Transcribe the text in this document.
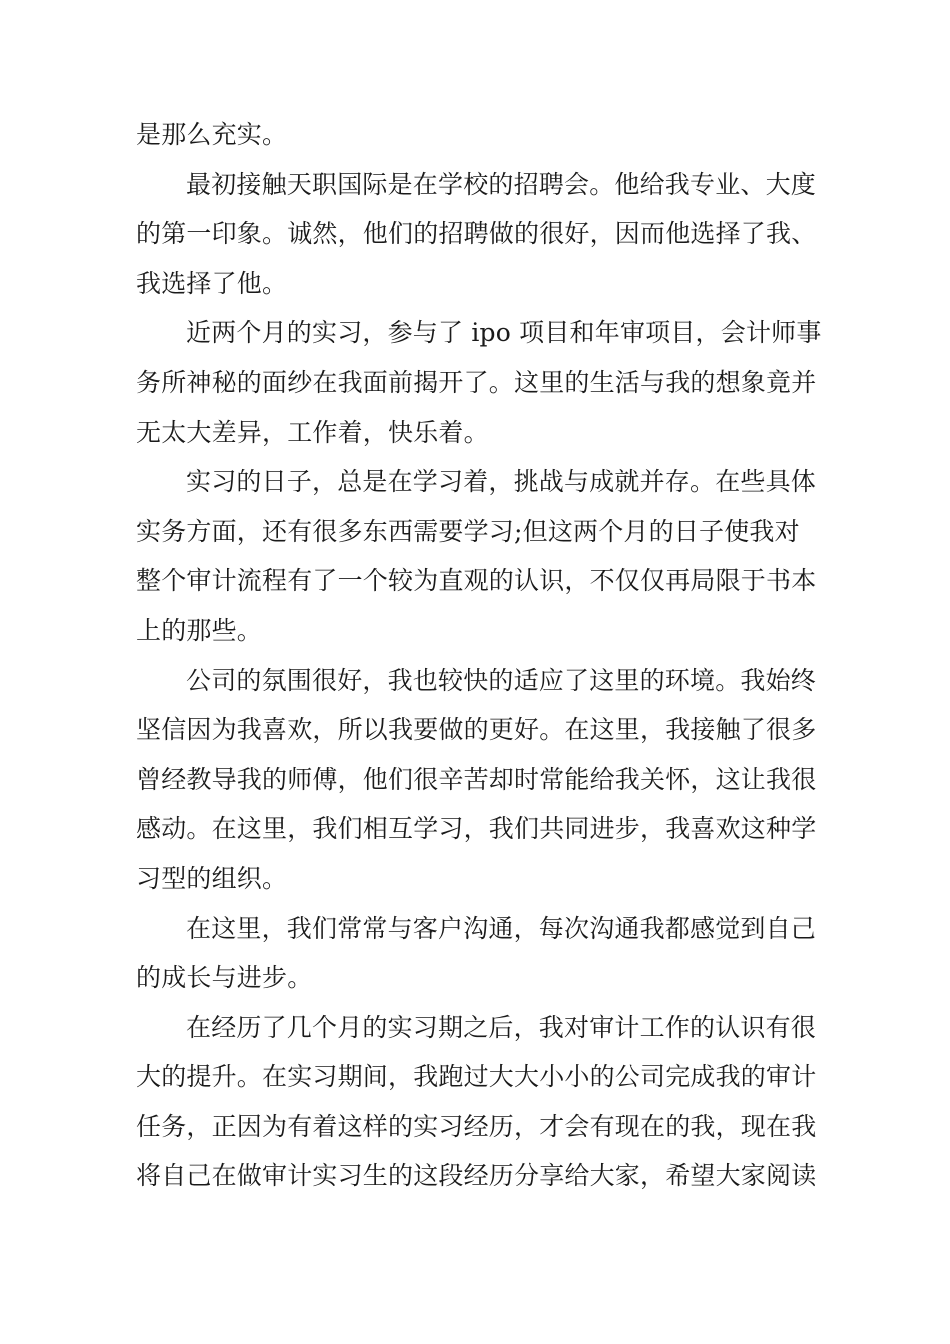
是那么充实。
最初接触天职国际是在学校的招聘会。他给我专业、大度
的第一印象。诚然，他们的招聘做的很好，因而他选择了我、
我选择了他。
近两个月的实习，参与了 ipo 项目和年审项目，会计师事
务所神秘的面纱在我面前揭开了。这里的生活与我的想象竟并
无太大差异，工作着，快乐着。
实习的日子，总是在学习着，挑战与成就并存。在些具体
实务方面，还有很多东西需要学习;但这两个月的日子使我对
整个审计流程有了一个较为直观的认识，不仅仅再局限于书本
上的那些。
公司的氛围很好，我也较快的适应了这里的环境。我始终
坚信因为我喜欢，所以我要做的更好。在这里，我接触了很多
曾经教导我的师傅，他们很辛苦却时常能给我关怀，这让我很
感动。在这里，我们相互学习，我们共同进步，我喜欢这种学
习型的组织。
在这里，我们常常与客户沟通，每次沟通我都感觉到自己
的成长与进步。
在经历了几个月的实习期之后，我对审计工作的认识有很
大的提升。在实习期间，我跑过大大小小的公司完成我的审计
任务，正因为有着这样的实习经历，才会有现在的我，现在我
将自己在做审计实习生的这段经历分享给大家，希望大家阅读
